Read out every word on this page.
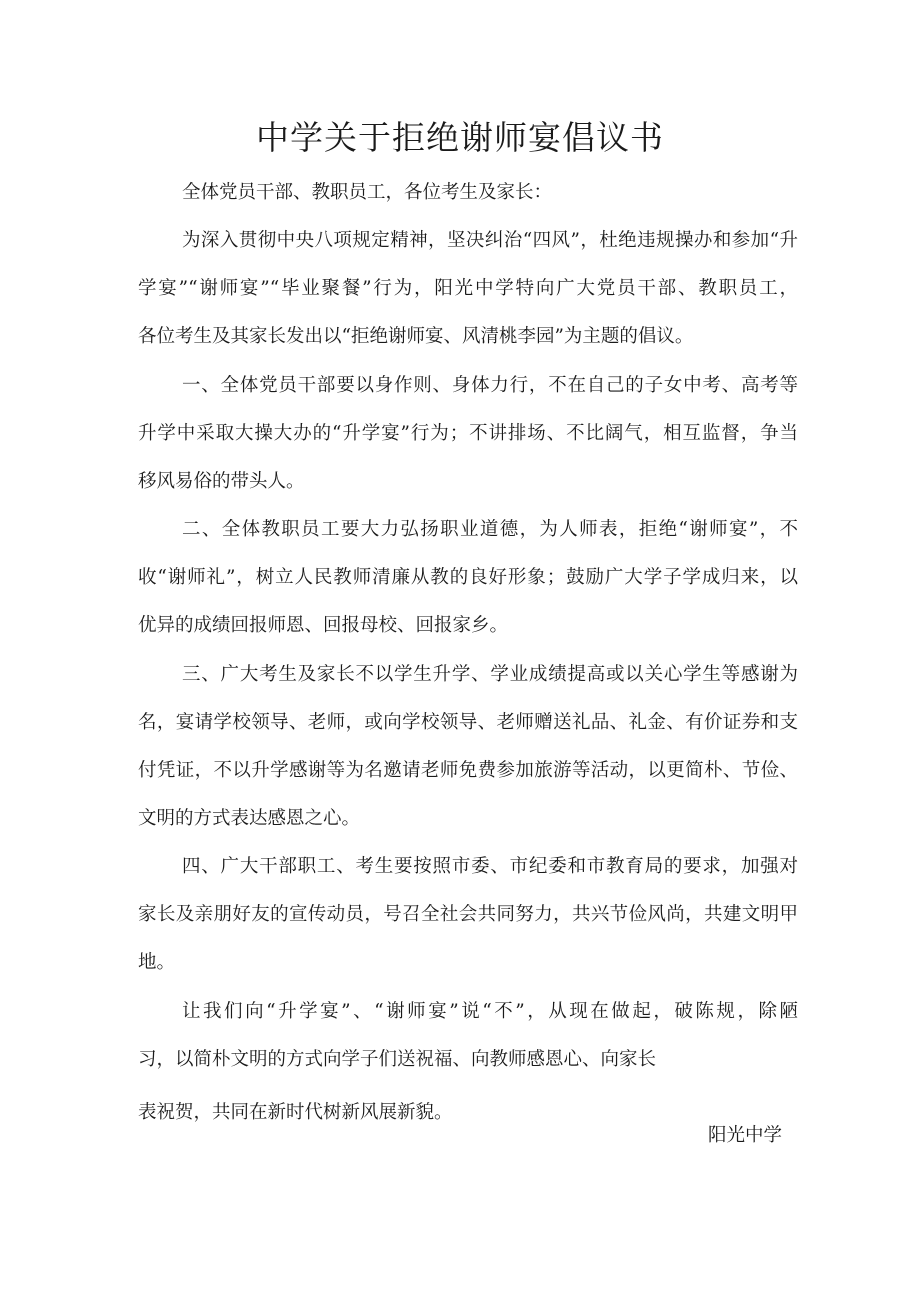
中学关于拒绝谢师宴倡议书

全体党员干部、教职员工，各位考生及家长：

为深入贯彻中央八项规定精神，坚决纠治“四风”，杜绝违规操办和参加“升

学宴”“谢师宴”“毕业聚餐”行为，阳光中学特向广大党员干部、教职员工，

各位考生及其家长发出以“拒绝谢师宴、风清桃李园”为主题的倡议。

一、全体党员干部要以身作则、身体力行，不在自己的子女中考、高考等

升学中采取大操大办的“升学宴”行为；不讲排场、不比阔气，相互监督，争当

移风易俗的带头人。

二、全体教职员工要大力弘扬职业道德，为人师表，拒绝“谢师宴”，不

收“谢师礼”，树立人民教师清廉从教的良好形象；鼓励广大学子学成归来，以

优异的成绩回报师恩、回报母校、回报家乡。

三、广大考生及家长不以学生升学、学业成绩提高或以关心学生等感谢为

名，宴请学校领导、老师，或向学校领导、老师赠送礼品、礼金、有价证券和支

付凭证，不以升学感谢等为名邀请老师免费参加旅游等活动，以更简朴、节俭、

文明的方式表达感恩之心。

四、广大干部职工、考生要按照市委、市纪委和市教育局的要求，加强对

家长及亲朋好友的宣传动员，号召全社会共同努力，共兴节俭风尚，共建文明甲

地。

让我们向“升学宴”、“谢师宴”说“不”，从现在做起，破陈规，除陋

习，以简朴文明的方式向学子们送祝福、向教师感恩心、向家长

表祝贺，共同在新时代树新风展新貌。

阳光中学
